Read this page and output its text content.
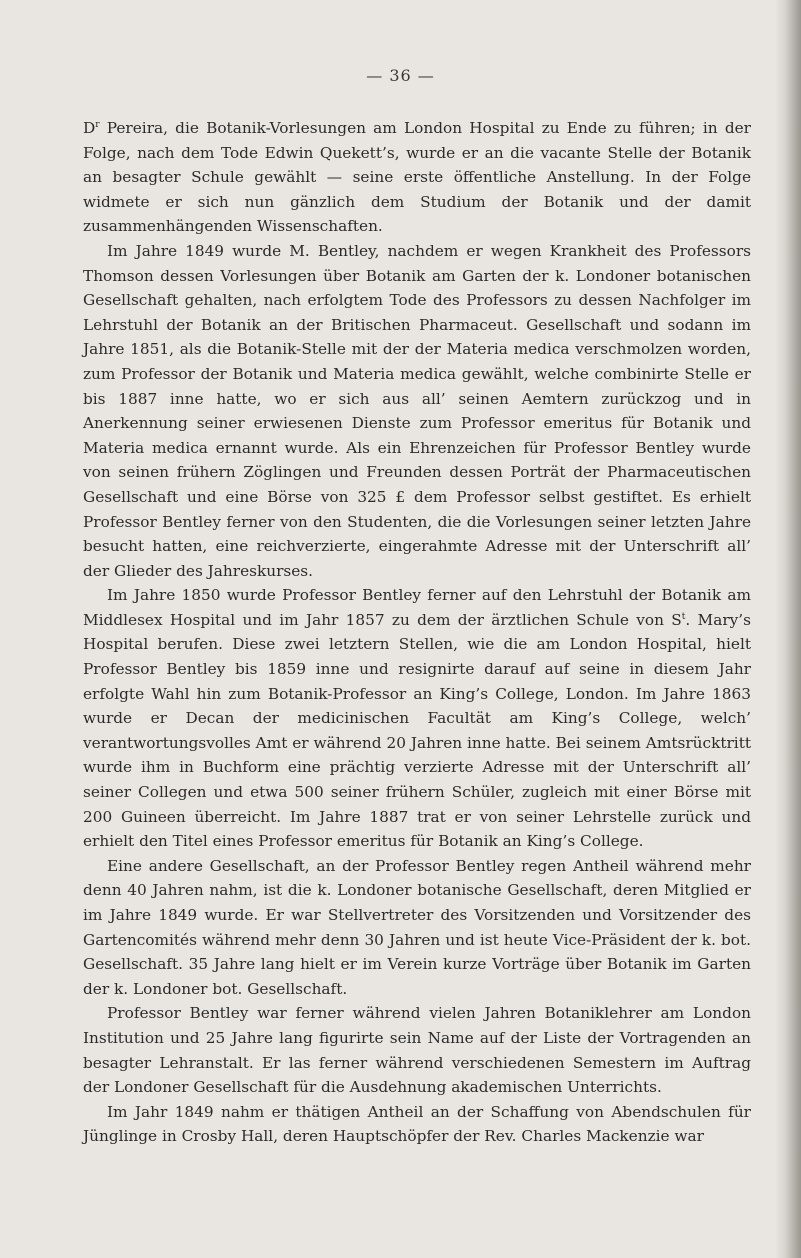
— 36 —

$D^r$ Pereira, die Botanik-Vorlesungen am London Hospital zu Ende zu führen; in der Folge, nach dem Tode Edwin Quekett’s, wurde er an die vacante Stelle der Botanik an besagter Schule gewählt — seine erste öffentliche Anstellung. In der Folge widmete er sich nun gänzlich dem Studium der Botanik und der damit zusammenhängenden Wissenschaften.

Im Jahre 1849 wurde M. Bentley, nachdem er wegen Krankheit des Professors Thomson dessen Vorlesungen über Botanik am Garten der k. Londoner botanischen Gesellschaft gehalten, nach erfolgtem Tode des Professors zu dessen Nachfolger im Lehrstuhl der Botanik an der Britischen Pharmaceut. Gesellschaft und sodann im Jahre 1851, als die Botanik-Stelle mit der der Materia medica verschmolzen worden, zum Professor der Botanik und Materia medica gewählt, welche combinirte Stelle er bis 1887 inne hatte, wo er sich aus all’ seinen Aemtern zurückzog und in Anerkennung seiner erwiesenen Dienste zum Professor emeritus für Botanik und Materia medica ernannt wurde. Als ein Ehrenzeichen für Professor Bentley wurde von seinen frühern Zöglingen und Freunden dessen Porträt der Pharmaceutischen Gesellschaft und eine Börse von 325 £ dem Professor selbst gestiftet. Es erhielt Professor Bentley ferner von den Studenten, die die Vorlesungen seiner letzten Jahre besucht hatten, eine reichverzierte, eingerahmte Adresse mit der Unterschrift all’ der Glieder des Jahreskurses.

Im Jahre 1850 wurde Professor Bentley ferner auf den Lehrstuhl der Botanik am Middlesex Hospital und im Jahr 1857 zu dem der ärztlichen Schule von $S^t$. Mary’s Hospital berufen. Diese zwei letztern Stellen, wie die am London Hospital, hielt Professor Bentley bis 1859 inne und resignirte darauf auf seine in diesem Jahr erfolgte Wahl hin zum Botanik-Professor an King’s College, London. Im Jahre 1863 wurde er Decan der medicinischen Facultät am King’s College, welch’ verantwortungsvolles Amt er während 20 Jahren inne hatte. Bei seinem Amtsrücktritt wurde ihm in Buchform eine prächtig verzierte Adresse mit der Unterschrift all’ seiner Collegen und etwa 500 seiner frühern Schüler, zugleich mit einer Börse mit 200 Guineen überreicht. Im Jahre 1887 trat er von seiner Lehrstelle zurück und erhielt den Titel eines Professor emeritus für Botanik an King’s College.

Eine andere Gesellschaft, an der Professor Bentley regen Antheil während mehr denn 40 Jahren nahm, ist die k. Londoner botanische Gesellschaft, deren Mitglied er im Jahre 1849 wurde. Er war Stellvertreter des Vorsitzenden und Vorsitzender des Gartencomités während mehr denn 30 Jahren und ist heute Vice-Präsident der k. bot. Gesellschaft. 35 Jahre lang hielt er im Verein kurze Vorträge über Botanik im Garten der k. Londoner bot. Gesellschaft.

Professor Bentley war ferner während vielen Jahren Botaniklehrer am London Institution und 25 Jahre lang figurirte sein Name auf der Liste der Vortragenden an besagter Lehranstalt. Er las ferner während verschiedenen Semestern im Auftrag der Londoner Gesellschaft für die Ausdehnung akademischen Unterrichts.

Im Jahr 1849 nahm er thätigen Antheil an der Schaffung von Abendschulen für Jünglinge in Crosby Hall, deren Hauptschöpfer der Rev. Charles Mackenzie war
